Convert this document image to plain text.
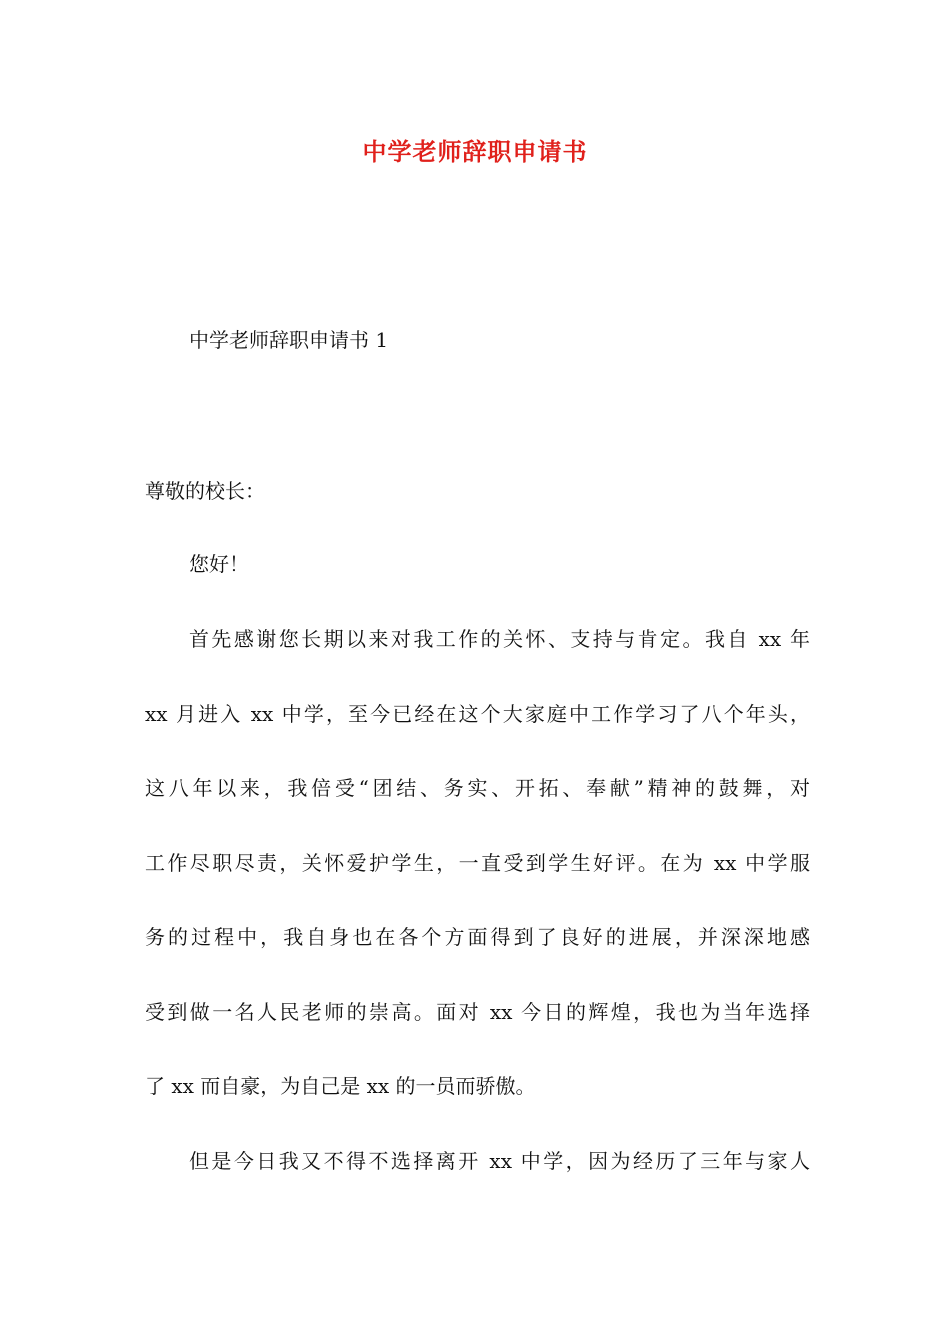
中学老师辞职申请书
中学老师辞职申请书 1
尊敬的校长：
您好！
首先感谢您长期以来对我工作的关怀、支持与肯定。我自 xx 年
xx 月进入 xx 中学，至今已经在这个大家庭中工作学习了八个年头，
这八年以来，我倍受“团结、务实、开拓、奉献”精神的鼓舞，对
工作尽职尽责，关怀爱护学生，一直受到学生好评。在为 xx 中学服
务的过程中，我自身也在各个方面得到了良好的进展，并深深地感
受到做一名人民老师的崇高。面对 xx 今日的辉煌，我也为当年选择
了 xx 而自豪，为自己是 xx 的一员而骄傲。
但是今日我又不得不选择离开 xx 中学，因为经历了三年与家人
